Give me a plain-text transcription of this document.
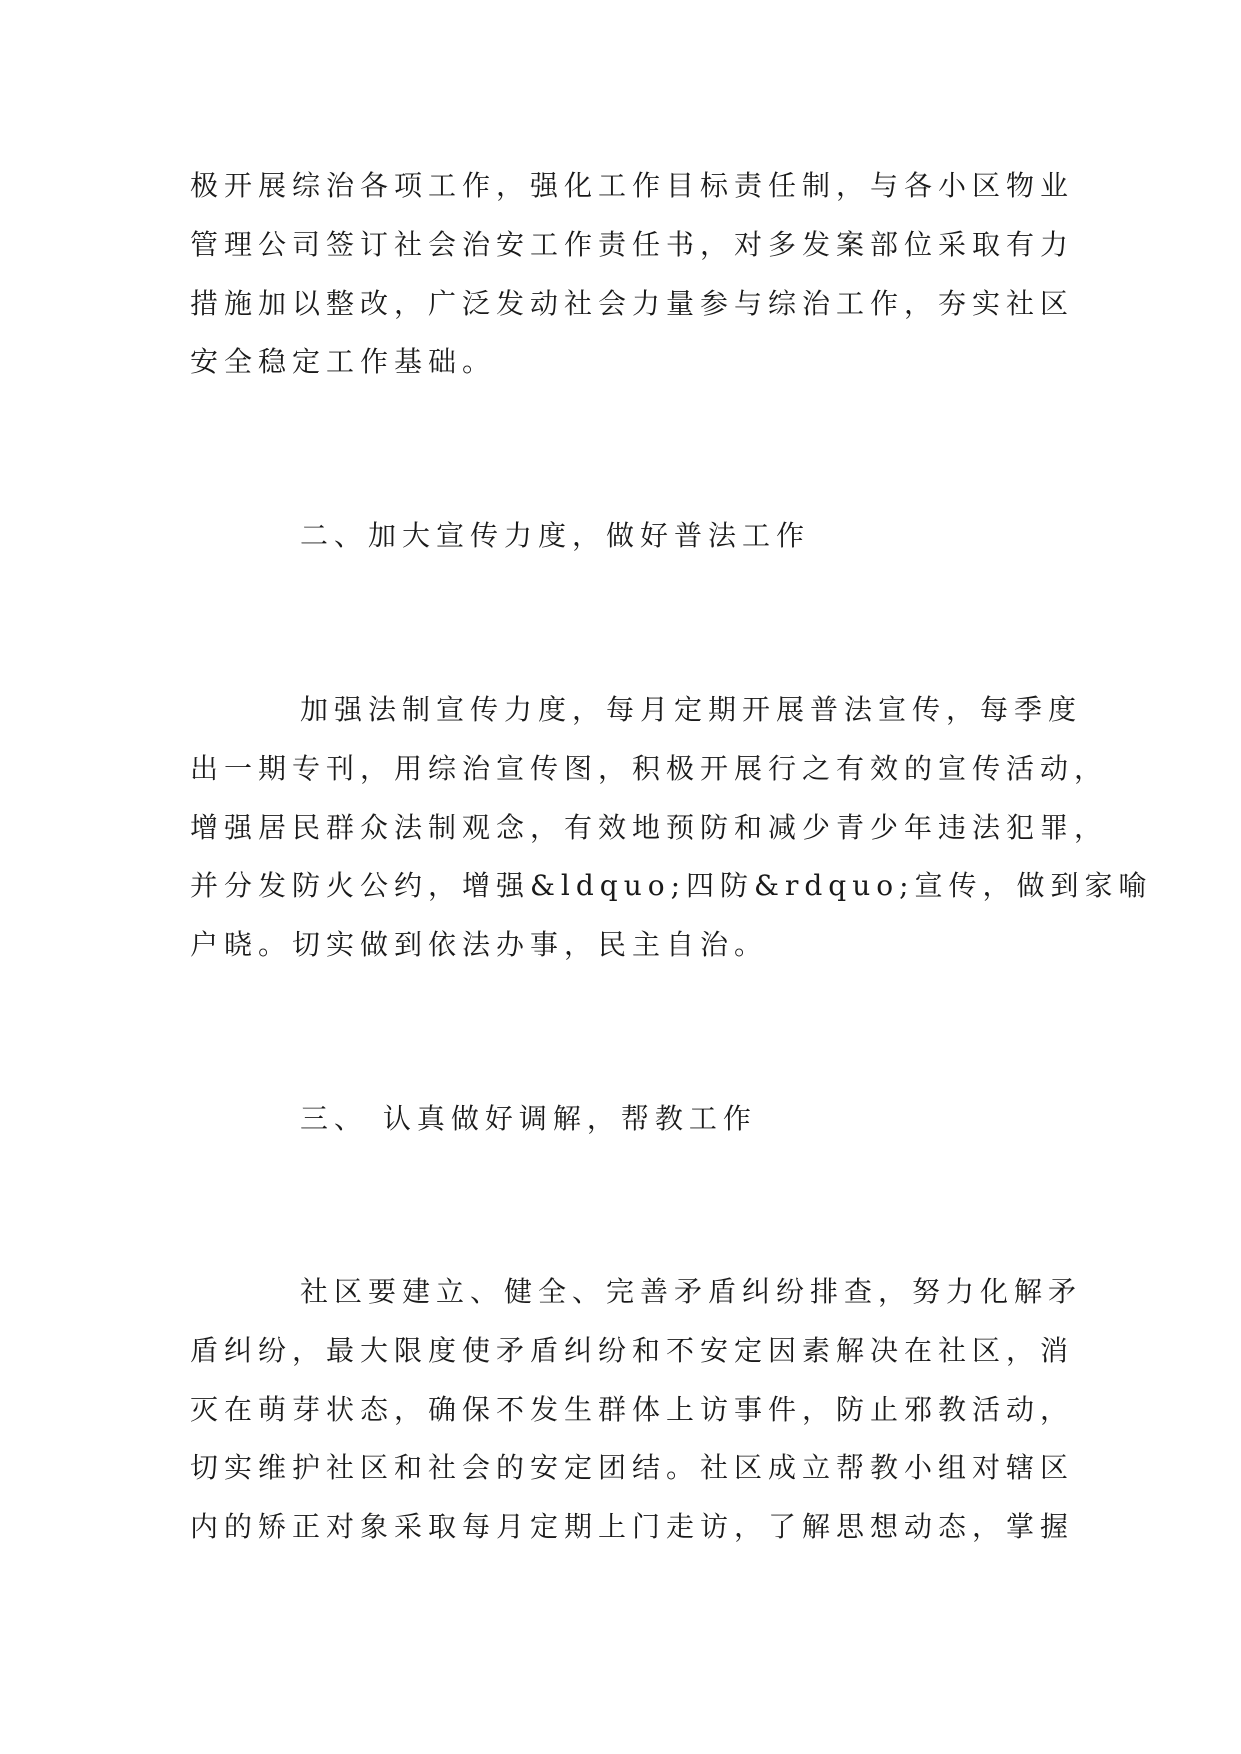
极开展综治各项工作，强化工作目标责任制，与各小区物业
管理公司签订社会治安工作责任书，对多发案部位采取有力
措施加以整改，广泛发动社会力量参与综治工作，夯实社区
安全稳定工作基础。
二、加大宣传力度，做好普法工作
加强法制宣传力度，每月定期开展普法宣传，每季度
出一期专刊，用综治宣传图，积极开展行之有效的宣传活动，
增强居民群众法制观念，有效地预防和减少青少年违法犯罪，
并分发防火公约，增强&ldquo;四防&rdquo;宣传，做到家喻
户晓。切实做到依法办事，民主自治。
三、 认真做好调解，帮教工作
社区要建立、健全、完善矛盾纠纷排查，努力化解矛
盾纠纷，最大限度使矛盾纠纷和不安定因素解决在社区，消
灭在萌芽状态，确保不发生群体上访事件，防止邪教活动，
切实维护社区和社会的安定团结。社区成立帮教小组对辖区
内的矫正对象采取每月定期上门走访，了解思想动态，掌握
